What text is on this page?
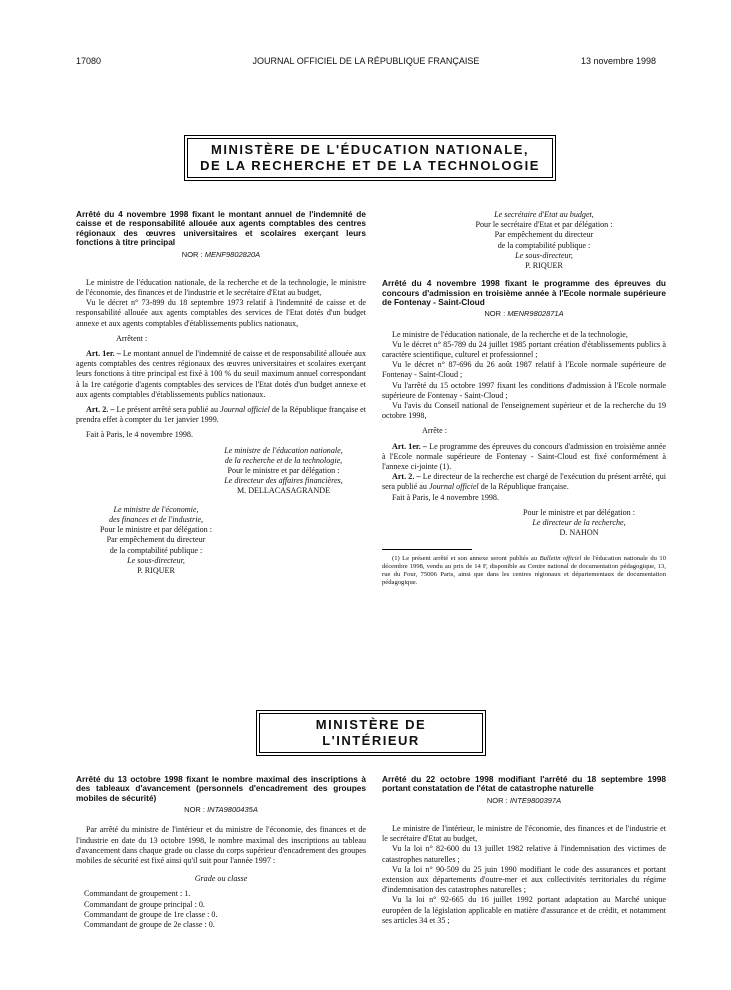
17080	JOURNAL OFFICIEL DE LA RÉPUBLIQUE FRANÇAISE	13 novembre 1998
MINISTÈRE DE L'ÉDUCATION NATIONALE,
DE LA RECHERCHE ET DE LA TECHNOLOGIE
Arrêté du 4 novembre 1998 fixant le montant annuel de l'indemnité de caisse et de responsabilité allouée aux agents comptables des centres régionaux des œuvres universitaires et scolaires exerçant leurs fonctions à titre principal
NOR : MENF9802820A

Le ministre de l'éducation nationale, de la recherche et de la technologie, le ministre de l'économie, des finances et de l'industrie et le secrétaire d'Etat au budget,

Vu le décret n° 73-899 du 18 septembre 1973 relatif à l'indemnité de caisse et de responsabilité allouée aux agents comptables des services de l'Etat dotés d'un budget annexe et aux agents comptables d'établissements publics nationaux,

Arrêtent :

Art. 1er. – Le montant annuel de l'indemnité de caisse et de responsabilité allouée aux agents comptables des centres régionaux des œuvres universitaires et scolaires exerçant leurs fonctions à titre principal est fixé à 100 % du seuil maximum annuel correspondant à la 1re catégorie d'agents comptables des services de l'Etat dotés d'un budget annexe et aux agents comptables d'établissements publics nationaux.

Art. 2. – Le présent arrêté sera publié au Journal officiel de la République française et prendra effet à compter du 1er janvier 1999.

Fait à Paris, le 4 novembre 1998.

Le ministre de l'éducation nationale,
de la recherche et de la technologie,
Pour le ministre et par délégation :
Le directeur des affaires financières,
M. DELLACASAGRANDE
Le ministre de l'économie,
des finances et de l'industrie,
Pour le ministre et par délégation :
Par empêchement du directeur
de la comptabilité publique :
Le sous-directeur,
P. RIQUER
Le secrétaire d'Etat au budget,
Pour le secrétaire d'Etat et par délégation :
Par empêchement du directeur
de la comptabilité publique :
Le sous-directeur,
P. RIQUER
Arrêté du 4 novembre 1998 fixant le programme des épreuves du concours d'admission en troisième année à l'Ecole normale supérieure de Fontenay - Saint-Cloud
NOR : MENR9802871A

Le ministre de l'éducation nationale, de la recherche et de la technologie,

Vu le décret n° 85-789 du 24 juillet 1985 portant création d'établissements publics à caractère scientifique, culturel et professionnel ;

Vu le décret n° 87-696 du 26 août 1987 relatif à l'Ecole normale supérieure de Fontenay - Saint-Cloud ;

Vu l'arrêté du 15 octobre 1997 fixant les conditions d'admission à l'Ecole normale supérieure de Fontenay - Saint-Cloud ;

Vu l'avis du Conseil national de l'enseignement supérieur et de la recherche du 19 octobre 1998,

Arrête :

Art. 1er. – Le programme des épreuves du concours d'admission en troisième année à l'Ecole normale supérieure de Fontenay - Saint-Cloud est fixé conformément à l'annexe ci-jointe (1).

Art. 2. – Le directeur de la recherche est chargé de l'exécution du présent arrêté, qui sera publié au Journal officiel de la République française.

Fait à Paris, le 4 novembre 1998.

Pour le ministre et par délégation :
Le directeur de la recherche,
D. NAHON

(1) Le présent arrêté et son annexe seront publiés au Bulletin officiel de l'éducation nationale du 10 décembre 1998, vendu au prix de 14 F, disponible au Centre national de documentation pédagogique, 13, rue du Four, 75006 Paris, ainsi que dans les centres régionaux et départementaux de documentation pédagogique.

MINISTÈRE DE L'INTÉRIEUR
Arrêté du 13 octobre 1998 fixant le nombre maximal des inscriptions à des tableaux d'avancement (personnels d'encadrement des groupes mobiles de sécurité)
NOR : INTA9800435A

Par arrêté du ministre de l'intérieur et du ministre de l'économie, des finances et de l'industrie en date du 13 octobre 1998, le nombre maximal des inscriptions au tableau d'avancement dans chaque grade ou classe du corps supérieur d'encadrement des groupes mobiles de sécurité est fixé ainsi qu'il suit pour l'année 1997 :

Grade ou classe
Commandant de groupement : 1.
Commandant de groupe principal : 0.
Commandant de groupe de 1re classe : 0.
Commandant de groupe de 2e classe : 0.
Arrêté du 22 octobre 1998 modifiant l'arrêté du 18 septembre 1998 portant constatation de l'état de catastrophe naturelle
NOR : INTE9800397A

Le ministre de l'intérieur, le ministre de l'économie, des finances et de l'industrie et le secrétaire d'Etat au budget,

Vu la loi n° 82-600 du 13 juillet 1982 relative à l'indemnisation des victimes de catastrophes naturelles ;

Vu la loi n° 90-509 du 25 juin 1990 modifiant le code des assurances et portant extension aux départements d'outre-mer et aux collectivités territoriales du régime d'indemnisation des catastrophes naturelles ;

Vu la loi n° 92-665 du 16 juillet 1992 portant adaptation au Marché unique européen de la législation applicable en matière d'assurance et de crédit, et notamment ses articles 34 et 35 ;
